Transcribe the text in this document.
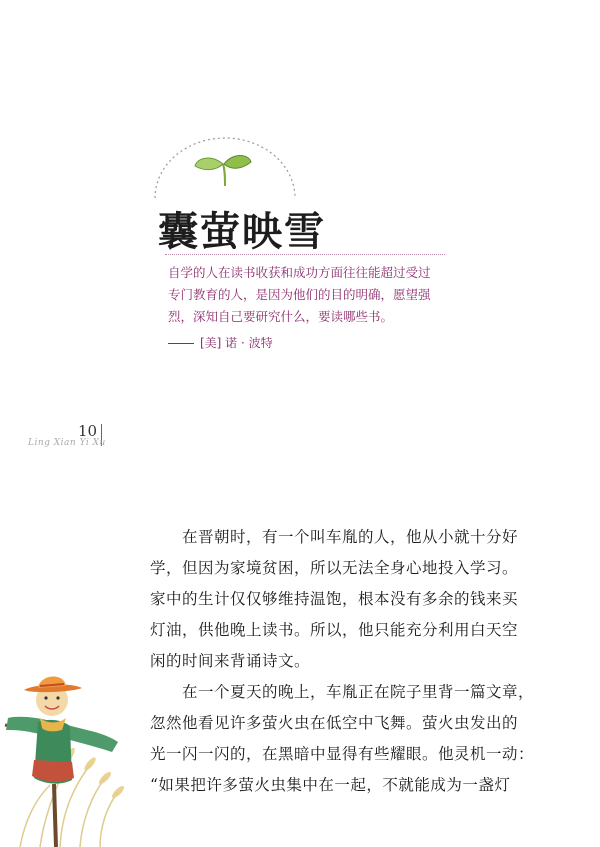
囊萤映雪

自学的人在读书收获和成功方面往往能超过受过

专门教育的人，是因为他们的目的明确，愿望强

烈，深知自己要研究什么，要读哪些书。

[美] 诺 · 波特
10
Ling Xian Yi Xu
　　在晋朝时，有一个叫车胤的人，他从小就十分好
学，但因为家境贫困，所以无法全身心地投入学习。
家中的生计仅仅够维持温饱，根本没有多余的钱来买
灯油，供他晚上读书。所以，他只能充分利用白天空
闲的时间来背诵诗文。
　　在一个夏天的晚上，车胤正在院子里背一篇文章，
忽然他看见许多萤火虫在低空中飞舞。萤火虫发出的
光一闪一闪的，在黑暗中显得有些耀眼。他灵机一动：
“如果把许多萤火虫集中在一起，不就能成为一盏灯
